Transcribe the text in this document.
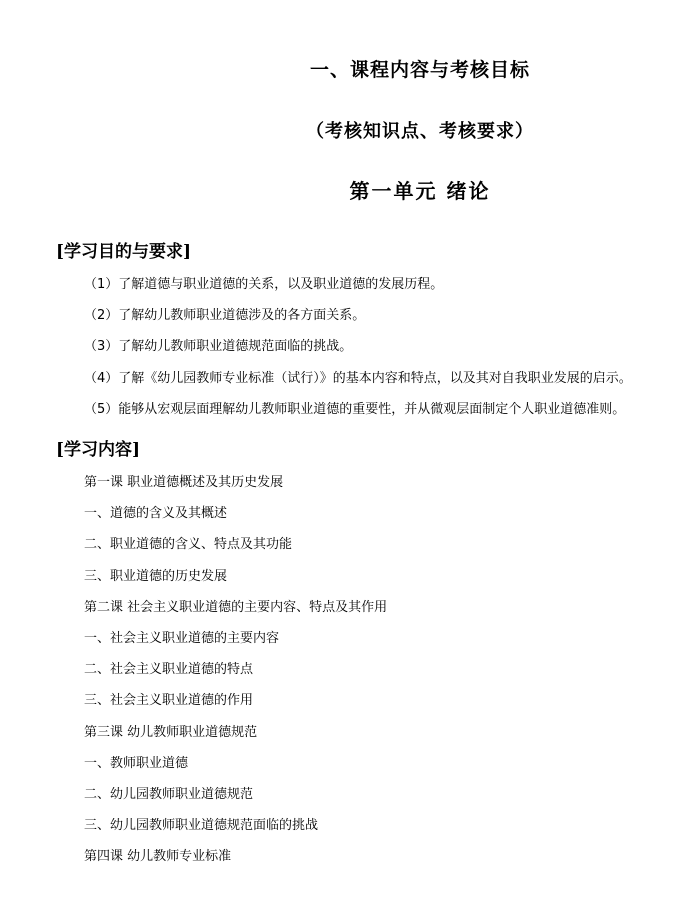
一、课程内容与考核目标
（考核知识点、考核要求）
第一单元 绪论
[学习目的与要求]
（1）了解道德与职业道德的关系，以及职业道德的发展历程。
（2）了解幼儿教师职业道德涉及的各方面关系。
（3）了解幼儿教师职业道德规范面临的挑战。
（4）了解《幼儿园教师专业标准（试行）》的基本内容和特点，以及其对自我职业发展的启示。
（5）能够从宏观层面理解幼儿教师职业道德的重要性，并从微观层面制定个人职业道德准则。
[学习内容]
第一课 职业道德概述及其历史发展
一、道德的含义及其概述
二、职业道德的含义、特点及其功能
三、职业道德的历史发展
第二课 社会主义职业道德的主要内容、特点及其作用
一、社会主义职业道德的主要内容
二、社会主义职业道德的特点
三、社会主义职业道德的作用
第三课 幼儿教师职业道德规范
一、教师职业道德
二、幼儿园教师职业道德规范
三、幼儿园教师职业道德规范面临的挑战
第四课 幼儿教师专业标准
